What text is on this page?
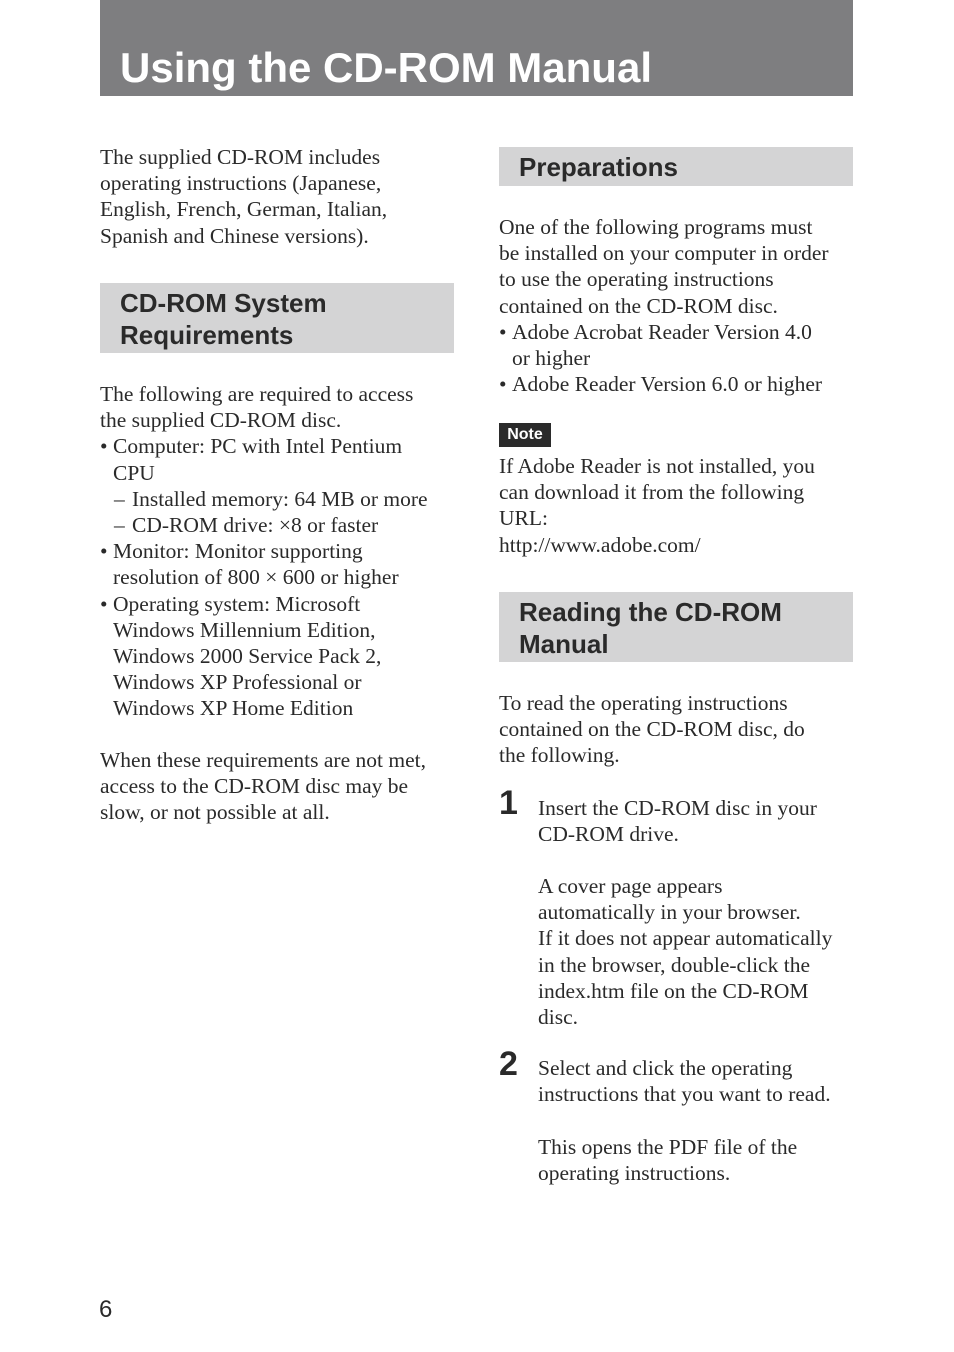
Using the CD-ROM Manual

The supplied CD-ROM includes
operating instructions (Japanese,
English, French, German, Italian,
Spanish and Chinese versions).

CD-ROM System
Requirements
The following are required to access
the supplied CD-ROM disc.
• Computer: PC with Intel Pentium
CPU
– Installed memory: 64 MB or more
– CD-ROM drive: ×8 or faster
• Monitor: Monitor supporting
resolution of 800 × 600 or higher
• Operating system: Microsoft
Windows Millennium Edition,
Windows 2000 Service Pack 2,
Windows XP Professional or
Windows XP Home Edition

When these requirements are not met,
access to the CD-ROM disc may be
slow, or not possible at all.

Preparations
One of the following programs must
be installed on your computer in order
to use the operating instructions
contained on the CD-ROM disc.
• Adobe Acrobat Reader Version 4.0
or higher
• Adobe Reader Version 6.0 or higher
Note

If Adobe Reader is not installed, you
can download it from the following
URL:
http://www.adobe.com/

Reading the CD-ROM
Manual

To read the operating instructions
contained on the CD-ROM disc, do
the following.

1 Insert the CD-ROM disc in your
CD-ROM drive.

A cover page appears
automatically in your browser.
If it does not appear automatically
in the browser, double-click the
index.htm file on the CD-ROM
disc.

2 Select and click the operating
instructions that you want to read.

This opens the PDF file of the
operating instructions.

6
